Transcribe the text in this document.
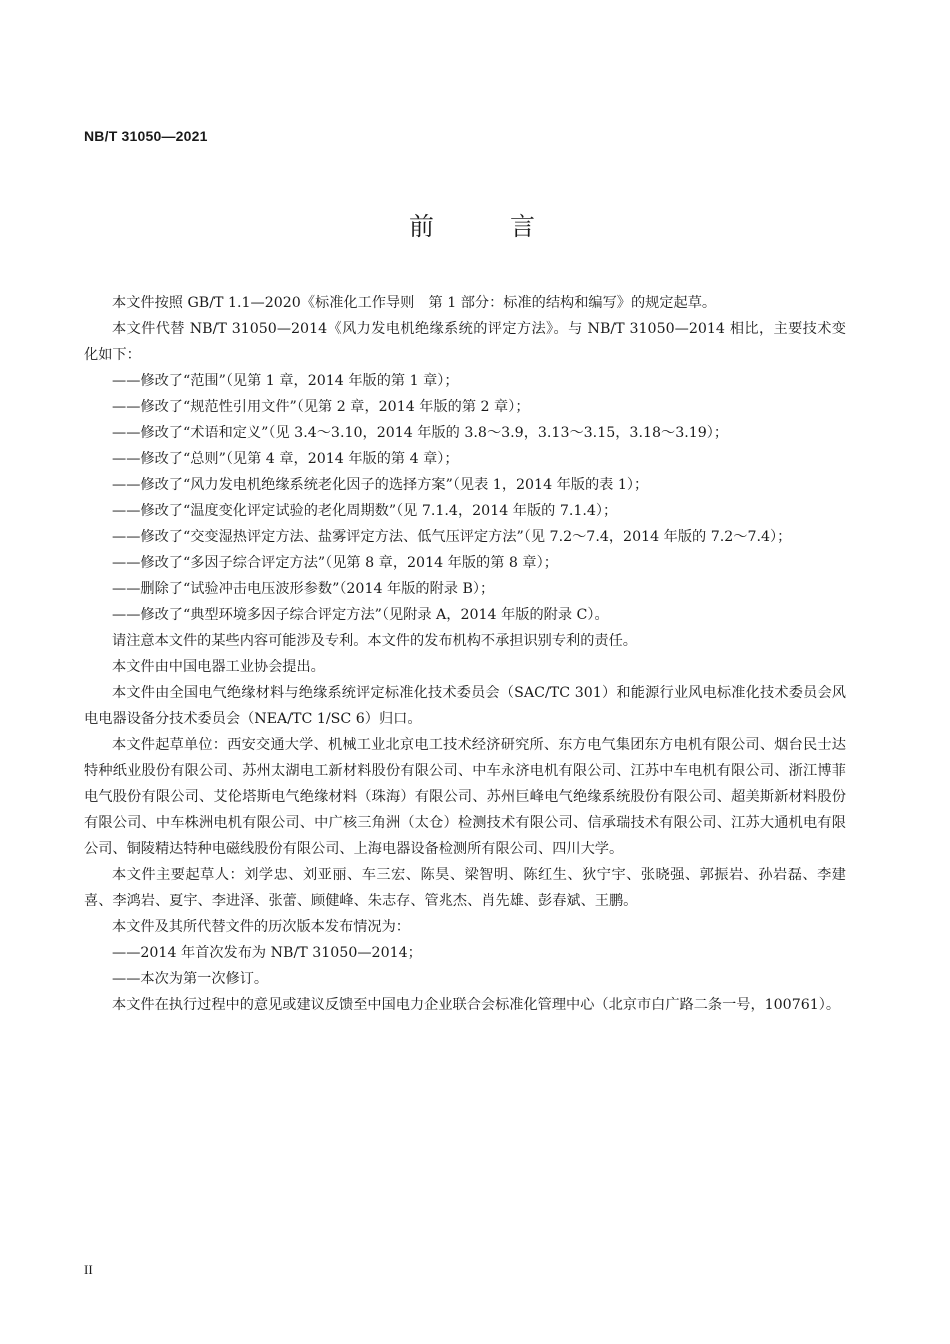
NB/T 31050—2021
前 言

本文件按照 GB/T 1.1—2020《标准化工作导则　第 1 部分：标准的结构和编写》的规定起草。

本文件代替 NB/T 31050—2014《风力发电机绝缘系统的评定方法》。与 NB/T 31050—2014 相比，主要技术变化如下：

——修改了“范围”（见第 1 章，2014 年版的第 1 章）；

——修改了“规范性引用文件”（见第 2 章，2014 年版的第 2 章）；

——修改了“术语和定义”（见 3.4～3.10，2014 年版的 3.8～3.9，3.13～3.15，3.18～3.19）；

——修改了“总则”（见第 4 章，2014 年版的第 4 章）；

——修改了“风力发电机绝缘系统老化因子的选择方案”（见表 1，2014 年版的表 1）；

——修改了“温度变化评定试验的老化周期数”（见 7.1.4，2014 年版的 7.1.4）；

——修改了“交变湿热评定方法、盐雾评定方法、低气压评定方法”（见 7.2～7.4，2014 年版的 7.2～7.4）；

——修改了“多因子综合评定方法”（见第 8 章，2014 年版的第 8 章）；

——删除了“试验冲击电压波形参数”（2014 年版的附录 B）；

——修改了“典型环境多因子综合评定方法”（见附录 A，2014 年版的附录 C）。

请注意本文件的某些内容可能涉及专利。本文件的发布机构不承担识别专利的责任。

本文件由中国电器工业协会提出。

本文件由全国电气绝缘材料与绝缘系统评定标准化技术委员会（SAC/TC 301）和能源行业风电标准化技术委员会风电电器设备分技术委员会（NEA/TC 1/SC 6）归口。

本文件起草单位：西安交通大学、机械工业北京电工技术经济研究所、东方电气集团东方电机有限公司、烟台民士达特种纸业股份有限公司、苏州太湖电工新材料股份有限公司、中车永济电机有限公司、江苏中车电机有限公司、浙江博菲电气股份有限公司、艾伦塔斯电气绝缘材料（珠海）有限公司、苏州巨峰电气绝缘系统股份有限公司、超美斯新材料股份有限公司、中车株洲电机有限公司、中广核三角洲（太仓）检测技术有限公司、信承瑞技术有限公司、江苏大通机电有限公司、铜陵精达特种电磁线股份有限公司、上海电器设备检测所有限公司、四川大学。

本文件主要起草人：刘学忠、刘亚丽、车三宏、陈昊、梁智明、陈红生、狄宁宇、张晓强、郭振岩、孙岩磊、李建喜、李鸿岩、夏宇、李进泽、张蕾、顾健峰、朱志存、管兆杰、肖先雄、彭春斌、王鹏。

本文件及其所代替文件的历次版本发布情况为：

——2014 年首次发布为 NB/T 31050—2014；

——本次为第一次修订。

本文件在执行过程中的意见或建议反馈至中国电力企业联合会标准化管理中心（北京市白广路二条一号，100761）。

II
